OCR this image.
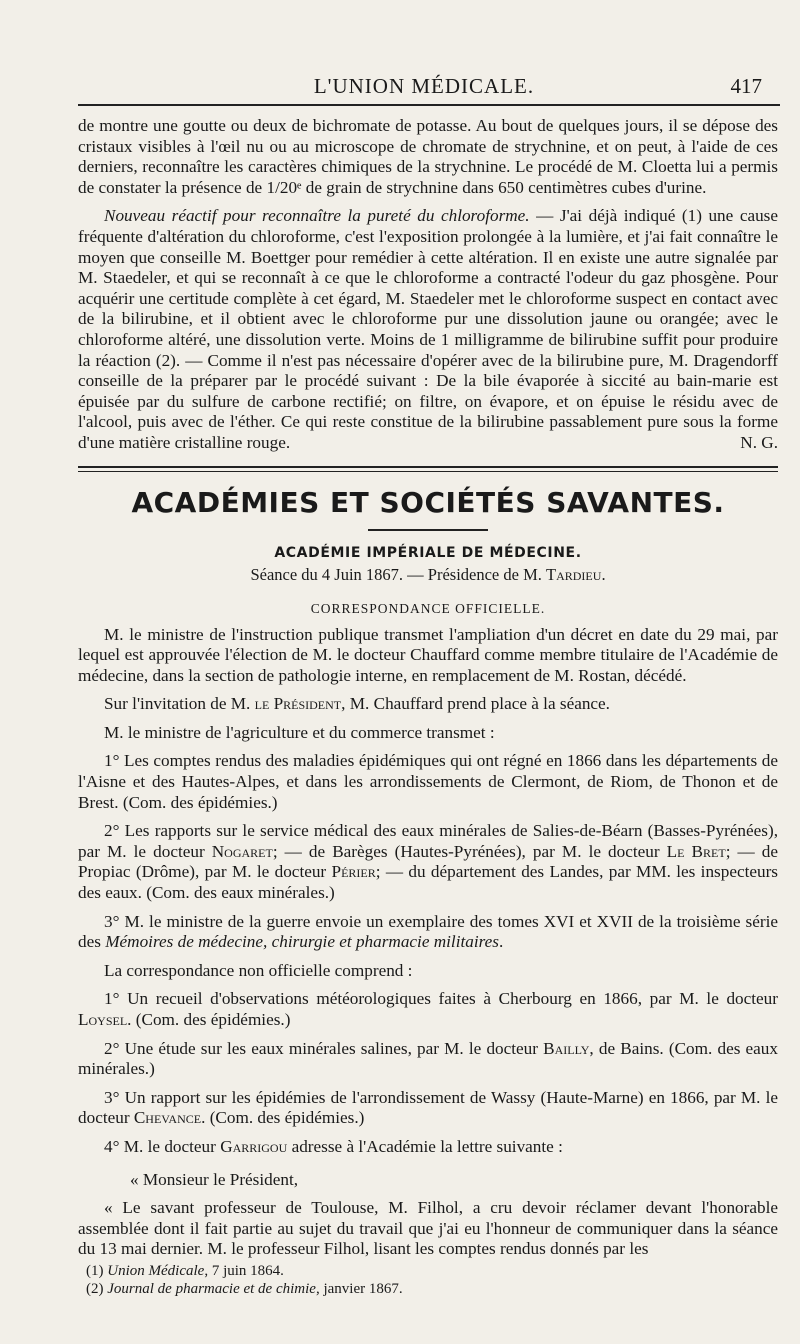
L'UNION MÉDICALE.	417

de montre une goutte ou deux de bichromate de potasse. Au bout de quelques jours, il se dépose des cristaux visibles à l'œil nu ou au microscope de chromate de strychnine, et on peut, à l'aide de ces derniers, reconnaître les caractères chimiques de la strychnine. Le procédé de M. Cloetta lui a permis de constater la présence de 1/20ᵉ de grain de strychnine dans 650 centimètres cubes d'urine.

Nouveau réactif pour reconnaître la pureté du chloroforme. — J'ai déjà indiqué (1) une cause fréquente d'altération du chloroforme, c'est l'exposition prolongée à la lumière, et j'ai fait connaître le moyen que conseille M. Boettger pour remédier à cette altération. Il en existe une autre signalée par M. Staedeler, et qui se reconnaît à ce que le chloroforme a contracté l'odeur du gaz phosgène. Pour acquérir une certitude complète à cet égard, M. Staedeler met le chloroforme suspect en contact avec de la bilirubine, et il obtient avec le chloroforme pur une dissolution jaune ou orangée; avec le chloroforme altéré, une dissolution verte. Moins de 1 milligramme de bilirubine suffit pour produire la réaction (2). — Comme il n'est pas nécessaire d'opérer avec de la bilirubine pure, M. Dragendorff conseille de la préparer par le procédé suivant : De la bile évaporée à siccité au bain-marie est épuisée par du sulfure de carbone rectifié; on filtre, on évapore, et on épuise le résidu avec de l'alcool, puis avec de l'éther. Ce qui reste constitue de la bilirubine passablement pure sous la forme d'une matière cristalline rouge.	N. G.

ACADÉMIES ET SOCIÉTÉS SAVANTES.
ACADÉMIE IMPÉRIALE DE MÉDECINE.
Séance du 4 Juin 1867. — Présidence de M. Tardieu.
CORRESPONDANCE OFFICIELLE.

M. le ministre de l'instruction publique transmet l'ampliation d'un décret en date du 29 mai, par lequel est approuvée l'élection de M. le docteur Chauffard comme membre titulaire de l'Académie de médecine, dans la section de pathologie interne, en remplacement de M. Rostan, décédé.

Sur l'invitation de M. le Président, M. Chauffard prend place à la séance.

M. le ministre de l'agriculture et du commerce transmet :

1° Les comptes rendus des maladies épidémiques qui ont régné en 1866 dans les départements de l'Aisne et des Hautes-Alpes, et dans les arrondissements de Clermont, de Riom, de Thonon et de Brest. (Com. des épidémies.)

2° Les rapports sur le service médical des eaux minérales de Salies-de-Béarn (Basses-Pyrénées), par M. le docteur Nogaret; — de Barèges (Hautes-Pyrénées), par M. le docteur Le Bret; — de Propiac (Drôme), par M. le docteur Périer; — du département des Landes, par MM. les inspecteurs des eaux. (Com. des eaux minérales.)

3° M. le ministre de la guerre envoie un exemplaire des tomes XVI et XVII de la troisième série des Mémoires de médecine, chirurgie et pharmacie militaires.

La correspondance non officielle comprend :

1° Un recueil d'observations météorologiques faites à Cherbourg en 1866, par M. le docteur Loysel. (Com. des épidémies.)

2° Une étude sur les eaux minérales salines, par M. le docteur Bailly, de Bains. (Com. des eaux minérales.)

3° Un rapport sur les épidémies de l'arrondissement de Wassy (Haute-Marne) en 1866, par M. le docteur Chevance. (Com. des épidémies.)

4° M. le docteur Garrigou adresse à l'Académie la lettre suivante :

« Monsieur le Président,

« Le savant professeur de Toulouse, M. Filhol, a cru devoir réclamer devant l'honorable assemblée dont il fait partie au sujet du travail que j'ai eu l'honneur de communiquer dans la séance du 13 mai dernier. M. le professeur Filhol, lisant les comptes rendus donnés par les

(1) Union Médicale, 7 juin 1864.

(2) Journal de pharmacie et de chimie, janvier 1867.
